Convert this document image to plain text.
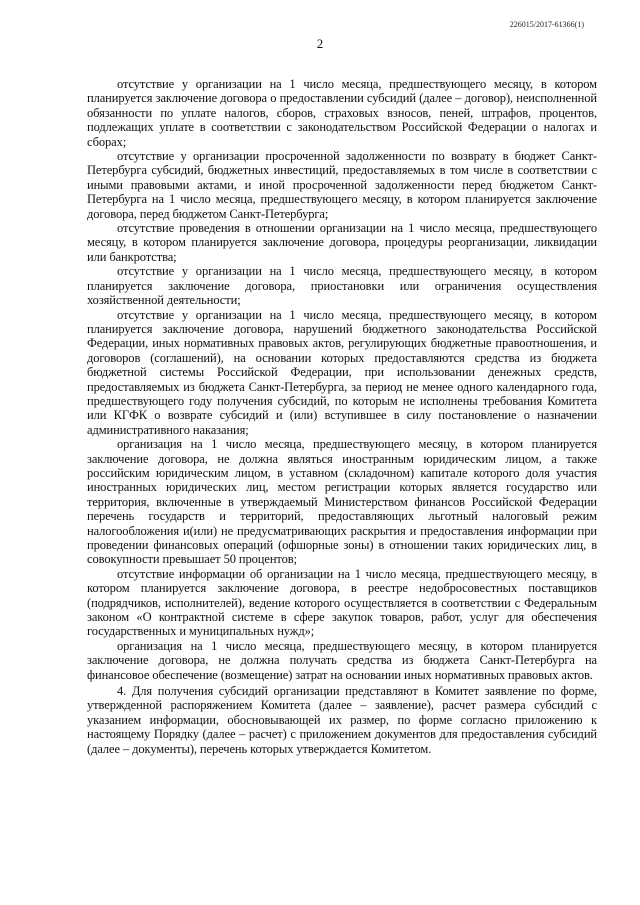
226015/2017-61366(1)
2

отсутствие у организации на 1 число месяца, предшествующего месяцу, в котором планируется заключение договора о предоставлении субсидий (далее – договор), неисполненной обязанности по уплате налогов, сборов, страховых взносов, пеней, штрафов, процентов, подлежащих уплате в соответствии с законодательством Российской Федерации о налогах и сборах;

отсутствие у организации просроченной задолженности по возврату в бюджет Санкт-Петербурга субсидий, бюджетных инвестиций, предоставляемых в том числе в соответствии с иными правовыми актами, и иной просроченной задолженности перед бюджетом Санкт-Петербурга на 1 число месяца, предшествующего месяцу, в котором планируется заключение договора, перед бюджетом Санкт-Петербурга;

отсутствие проведения в отношении организации на 1 число месяца, предшествующего месяцу, в котором планируется заключение договора, процедуры реорганизации, ликвидации или банкротства;

отсутствие у организации на 1 число месяца, предшествующего месяцу, в котором планируется заключение договора, приостановки или ограничения осуществления хозяйственной деятельности;

отсутствие у организации на 1 число месяца, предшествующего месяцу, в котором планируется заключение договора, нарушений бюджетного законодательства Российской Федерации, иных нормативных правовых актов, регулирующих бюджетные правоотношения, и договоров (соглашений), на основании которых предоставляются средства из бюджета бюджетной системы Российской Федерации, при использовании денежных средств, предоставляемых из бюджета Санкт-Петербурга, за период не менее одного календарного года, предшествующего году получения субсидий, по которым не исполнены требования Комитета или КГФК о возврате субсидий и (или) вступившее в силу постановление о назначении административного наказания;

организация на 1 число месяца, предшествующего месяцу, в котором планируется заключение договора, не должна являться иностранным юридическим лицом, а также российским юридическим лицом, в уставном (складочном) капитале которого доля участия иностранных юридических лиц, местом регистрации которых является государство или территория, включенные в утверждаемый Министерством финансов Российской Федерации перечень государств и территорий, предоставляющих льготный налоговый режим налогообложения и(или) не предусматривающих раскрытия и предоставления информации при проведении финансовых операций (офшорные зоны) в отношении таких юридических лиц, в совокупности превышает 50 процентов;

отсутствие информации об организации на 1 число месяца, предшествующего месяцу, в котором планируется заключение договора, в реестре недобросовестных поставщиков (подрядчиков, исполнителей), ведение которого осуществляется в соответствии с Федеральным законом «О контрактной системе в сфере закупок товаров, работ, услуг для обеспечения государственных и муниципальных нужд»;

организация на 1 число месяца, предшествующего месяцу, в котором планируется заключение договора, не должна получать средства из бюджета Санкт-Петербурга на финансовое обеспечение (возмещение) затрат на основании иных нормативных правовых актов.

4. Для получения субсидий организации представляют в Комитет заявление по форме, утвержденной распоряжением Комитета (далее – заявление), расчет размера субсидий с указанием информации, обосновывающей их размер, по форме согласно приложению к настоящему Порядку (далее – расчет) с приложением документов для предоставления субсидий (далее – документы), перечень которых утверждается Комитетом.
